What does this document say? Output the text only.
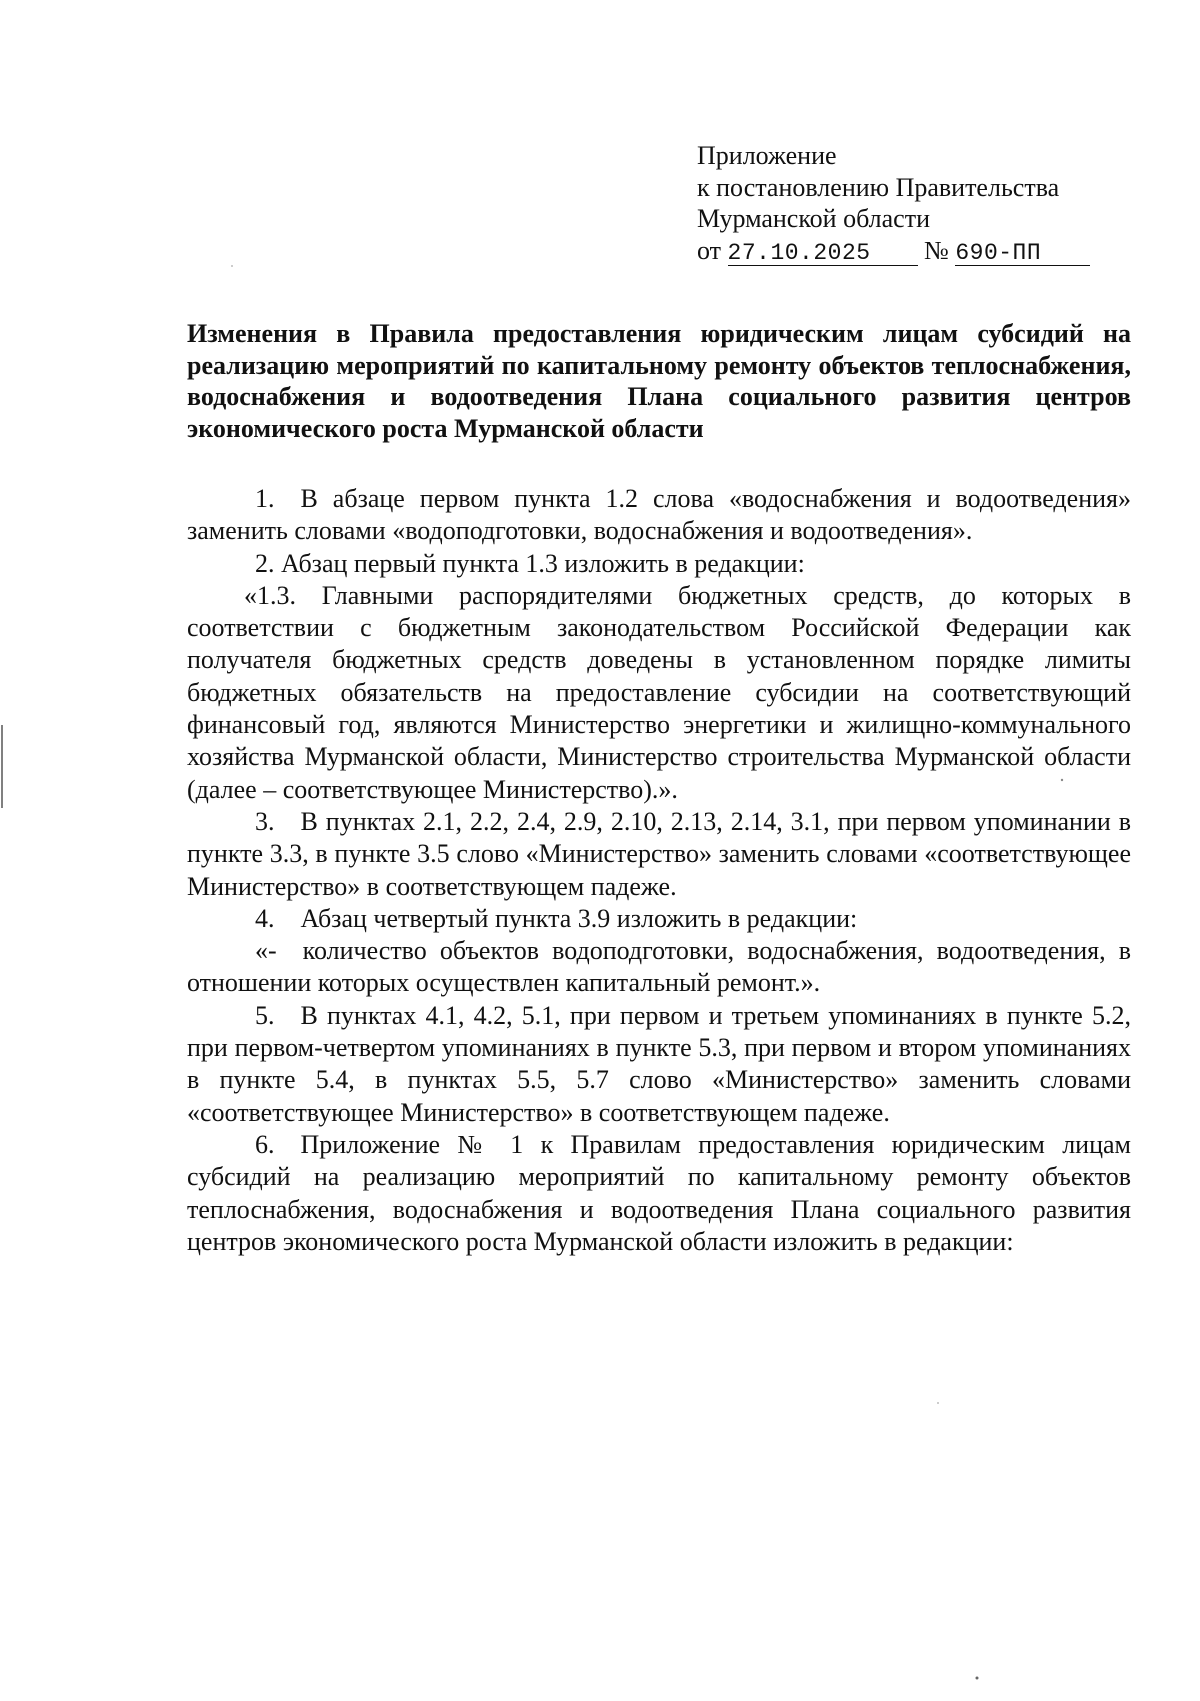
Приложение
к постановлению Правительства
Мурманской области
от 27.10.2025 № 690-ПП
Изменения в Правила предоставления юридическим лицам субсидий на реализацию мероприятий по капитальному ремонту объектов теплоснабжения, водоснабжения и водоотведения Плана социального развития центров экономического роста Мурманской области

1. В абзаце первом пункта 1.2 слова «водоснабжения и водоотведения» заменить словами «водоподготовки, водоснабжения и водоотведения».

2. Абзац первый пункта 1.3 изложить в редакции:

«1.3. Главными распорядителями бюджетных средств, до которых в соответствии с бюджетным законодательством Российской Федерации как получателя бюджетных средств доведены в установленном порядке лимиты бюджетных обязательств на предоставление субсидии на соответствующий финансовый год, являются Министерство энергетики и жилищно-коммунального хозяйства Мурманской области, Министерство строительства Мурманской области (далее – соответствующее Министерство).».

3. В пунктах 2.1, 2.2, 2.4, 2.9, 2.10, 2.13, 2.14, 3.1, при первом упоминании в пункте 3.3, в пункте 3.5 слово «Министерство» заменить словами «соответствующее Министерство» в соответствующем падеже.

4. Абзац четвертый пункта 3.9 изложить в редакции:

«- количество объектов водоподготовки, водоснабжения, водоотведения, в отношении которых осуществлен капитальный ремонт.».

5. В пунктах 4.1, 4.2, 5.1, при первом и третьем упоминаниях в пункте 5.2, при первом-четвертом упоминаниях в пункте 5.3, при первом и втором упоминаниях в пункте 5.4, в пунктах 5.5, 5.7 слово «Министерство» заменить словами «соответствующее Министерство» в соответствующем падеже.

6. Приложение № 1 к Правилам предоставления юридическим лицам субсидий на реализацию мероприятий по капитальному ремонту объектов теплоснабжения, водоснабжения и водоотведения Плана социального развития центров экономического роста Мурманской области изложить в редакции:
